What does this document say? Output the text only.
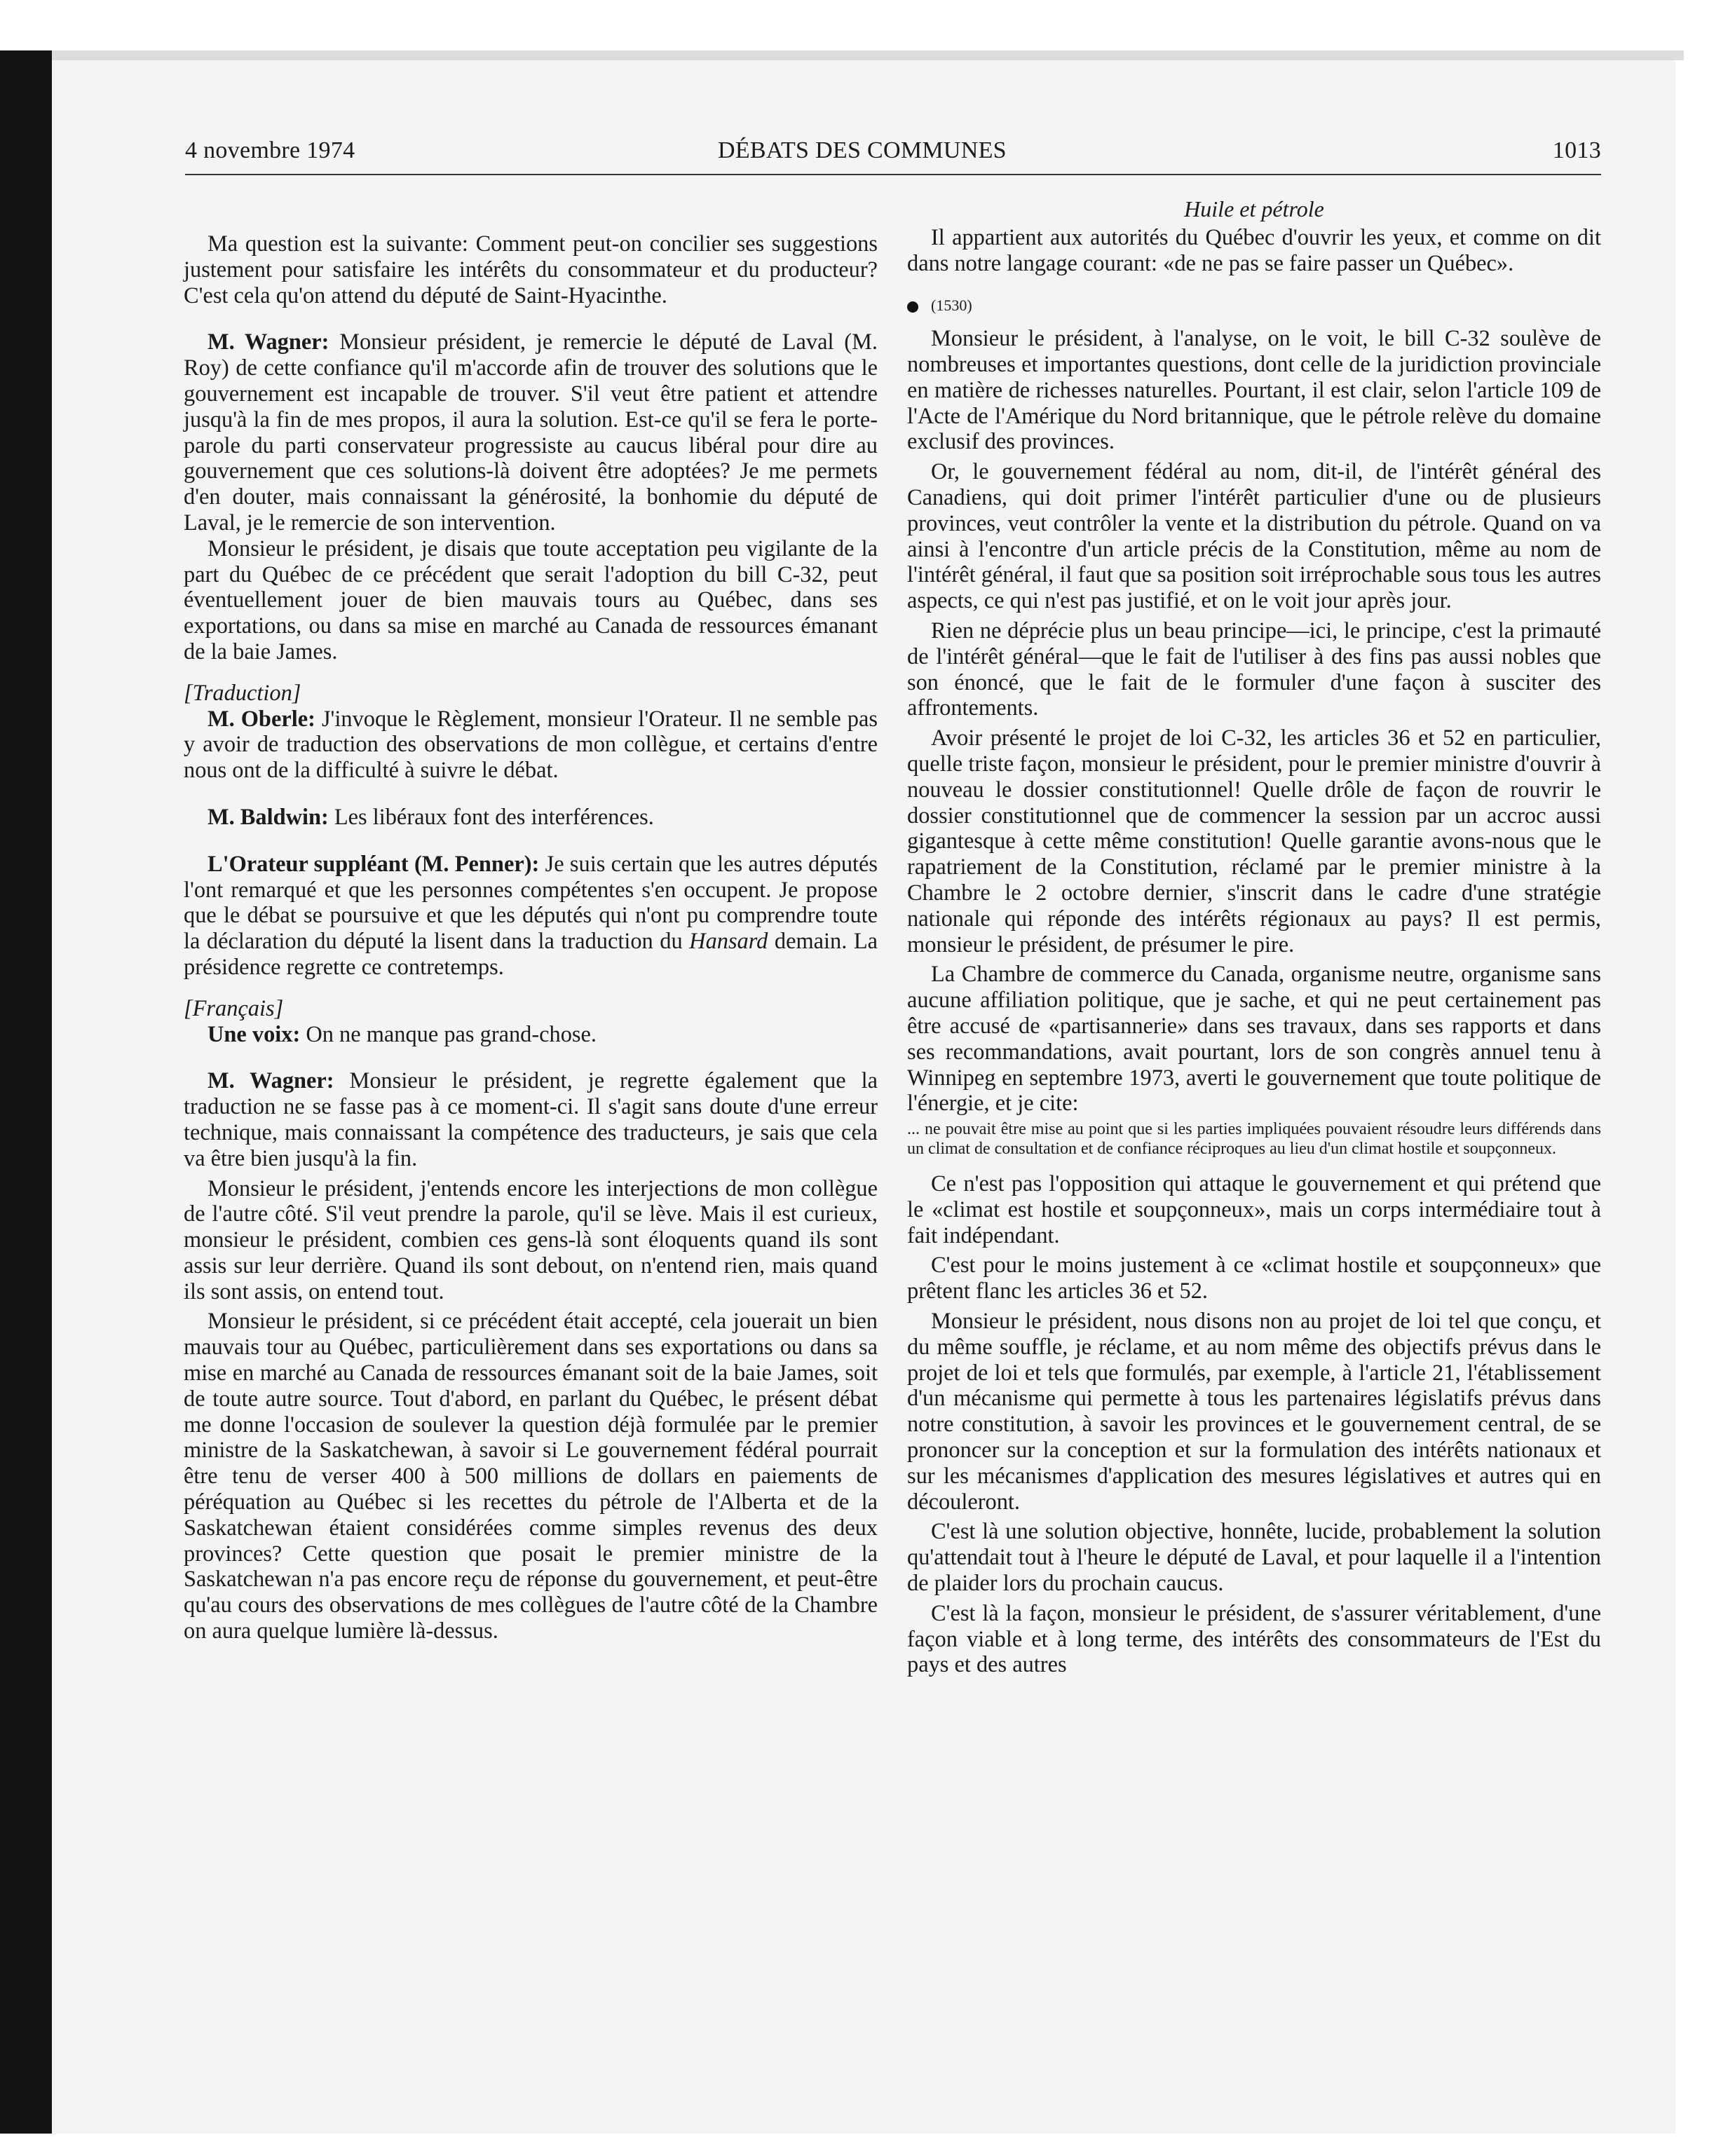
4 novembre 1974	DÉBATS DES COMMUNES	1013

Ma question est la suivante: Comment peut-on concilier ses suggestions justement pour satisfaire les intérêts du consommateur et du producteur? C'est cela qu'on attend du député de Saint-Hyacinthe.

M. Wagner: Monsieur président, je remercie le député de Laval (M. Roy) de cette confiance qu'il m'accorde afin de trouver des solutions que le gouvernement est incapable de trouver. S'il veut être patient et attendre jusqu'à la fin de mes propos, il aura la solution. Est-ce qu'il se fera le porte-parole du parti conservateur progressiste au caucus libéral pour dire au gouvernement que ces solutions-là doivent être adoptées? Je me permets d'en douter, mais connaissant la générosité, la bonhomie du député de Laval, je le remercie de son intervention.

Monsieur le président, je disais que toute acceptation peu vigilante de la part du Québec de ce précédent que serait l'adoption du bill C-32, peut éventuellement jouer de bien mauvais tours au Québec, dans ses exportations, ou dans sa mise en marché au Canada de ressources émanant de la baie James.

[Traduction]

M. Oberle: J'invoque le Règlement, monsieur l'Orateur. Il ne semble pas y avoir de traduction des observations de mon collègue, et certains d'entre nous ont de la difficulté à suivre le débat.

M. Baldwin: Les libéraux font des interférences.

L'Orateur suppléant (M. Penner): Je suis certain que les autres députés l'ont remarqué et que les personnes compétentes s'en occupent. Je propose que le débat se poursuive et que les députés qui n'ont pu comprendre toute la déclaration du député la lisent dans la traduction du Hansard demain. La présidence regrette ce contretemps.

[Français]

Une voix: On ne manque pas grand-chose.

M. Wagner: Monsieur le président, je regrette également que la traduction ne se fasse pas à ce moment-ci. Il s'agit sans doute d'une erreur technique, mais connaissant la compétence des traducteurs, je sais que cela va être bien jusqu'à la fin.

Monsieur le président, j'entends encore les interjections de mon collègue de l'autre côté. S'il veut prendre la parole, qu'il se lève. Mais il est curieux, monsieur le président, combien ces gens-là sont éloquents quand ils sont assis sur leur derrière. Quand ils sont debout, on n'entend rien, mais quand ils sont assis, on entend tout.

Monsieur le président, si ce précédent était accepté, cela jouerait un bien mauvais tour au Québec, particulièrement dans ses exportations ou dans sa mise en marché au Canada de ressources émanant soit de la baie James, soit de toute autre source. Tout d'abord, en parlant du Québec, le présent débat me donne l'occasion de soulever la question déjà formulée par le premier ministre de la Saskatchewan, à savoir si Le gouvernement fédéral pourrait être tenu de verser 400 à 500 millions de dollars en paiements de péréquation au Québec si les recettes du pétrole de l'Alberta et de la Saskatchewan étaient considérées comme simples revenus des deux provinces? Cette question que posait le premier ministre de la Saskatchewan n'a pas encore reçu de réponse du gouvernement, et peut-être qu'au cours des observations de mes collègues de l'autre côté de la Chambre on aura quelque lumière là-dessus.

Huile et pétrole

Il appartient aux autorités du Québec d'ouvrir les yeux, et comme on dit dans notre langage courant: «de ne pas se faire passer un Québec».

(1530)

Monsieur le président, à l'analyse, on le voit, le bill C-32 soulève de nombreuses et importantes questions, dont celle de la juridiction provinciale en matière de richesses naturelles. Pourtant, il est clair, selon l'article 109 de l'Acte de l'Amérique du Nord britannique, que le pétrole relève du domaine exclusif des provinces.

Or, le gouvernement fédéral au nom, dit-il, de l'intérêt général des Canadiens, qui doit primer l'intérêt particulier d'une ou de plusieurs provinces, veut contrôler la vente et la distribution du pétrole. Quand on va ainsi à l'encontre d'un article précis de la Constitution, même au nom de l'intérêt général, il faut que sa position soit irréprochable sous tous les autres aspects, ce qui n'est pas justifié, et on le voit jour après jour.

Rien ne déprécie plus un beau principe—ici, le principe, c'est la primauté de l'intérêt général—que le fait de l'utiliser à des fins pas aussi nobles que son énoncé, que le fait de le formuler d'une façon à susciter des affrontements.

Avoir présenté le projet de loi C-32, les articles 36 et 52 en particulier, quelle triste façon, monsieur le président, pour le premier ministre d'ouvrir à nouveau le dossier constitutionnel! Quelle drôle de façon de rouvrir le dossier constitutionnel que de commencer la session par un accroc aussi gigantesque à cette même constitution! Quelle garantie avons-nous que le rapatriement de la Constitution, réclamé par le premier ministre à la Chambre le 2 octobre dernier, s'inscrit dans le cadre d'une stratégie nationale qui réponde des intérêts régionaux au pays? Il est permis, monsieur le président, de présumer le pire.

La Chambre de commerce du Canada, organisme neutre, organisme sans aucune affiliation politique, que je sache, et qui ne peut certainement pas être accusé de «partisannerie» dans ses travaux, dans ses rapports et dans ses recommandations, avait pourtant, lors de son congrès annuel tenu à Winnipeg en septembre 1973, averti le gouvernement que toute politique de l'énergie, et je cite:

... ne pouvait être mise au point que si les parties impliquées pouvaient résoudre leurs différends dans un climat de consultation et de confiance réciproques au lieu d'un climat hostile et soupçonneux.

Ce n'est pas l'opposition qui attaque le gouvernement et qui prétend que le «climat est hostile et soupçonneux», mais un corps intermédiaire tout à fait indépendant.

C'est pour le moins justement à ce «climat hostile et soupçonneux» que prêtent flanc les articles 36 et 52.

Monsieur le président, nous disons non au projet de loi tel que conçu, et du même souffle, je réclame, et au nom même des objectifs prévus dans le projet de loi et tels que formulés, par exemple, à l'article 21, l'établissement d'un mécanisme qui permette à tous les partenaires législatifs prévus dans notre constitution, à savoir les provinces et le gouvernement central, de se prononcer sur la conception et sur la formulation des intérêts nationaux et sur les mécanismes d'application des mesures législatives et autres qui en découleront.

C'est là une solution objective, honnête, lucide, probablement la solution qu'attendait tout à l'heure le député de Laval, et pour laquelle il a l'intention de plaider lors du prochain caucus.

C'est là la façon, monsieur le président, de s'assurer véritablement, d'une façon viable et à long terme, des intérêts des consommateurs de l'Est du pays et des autres
